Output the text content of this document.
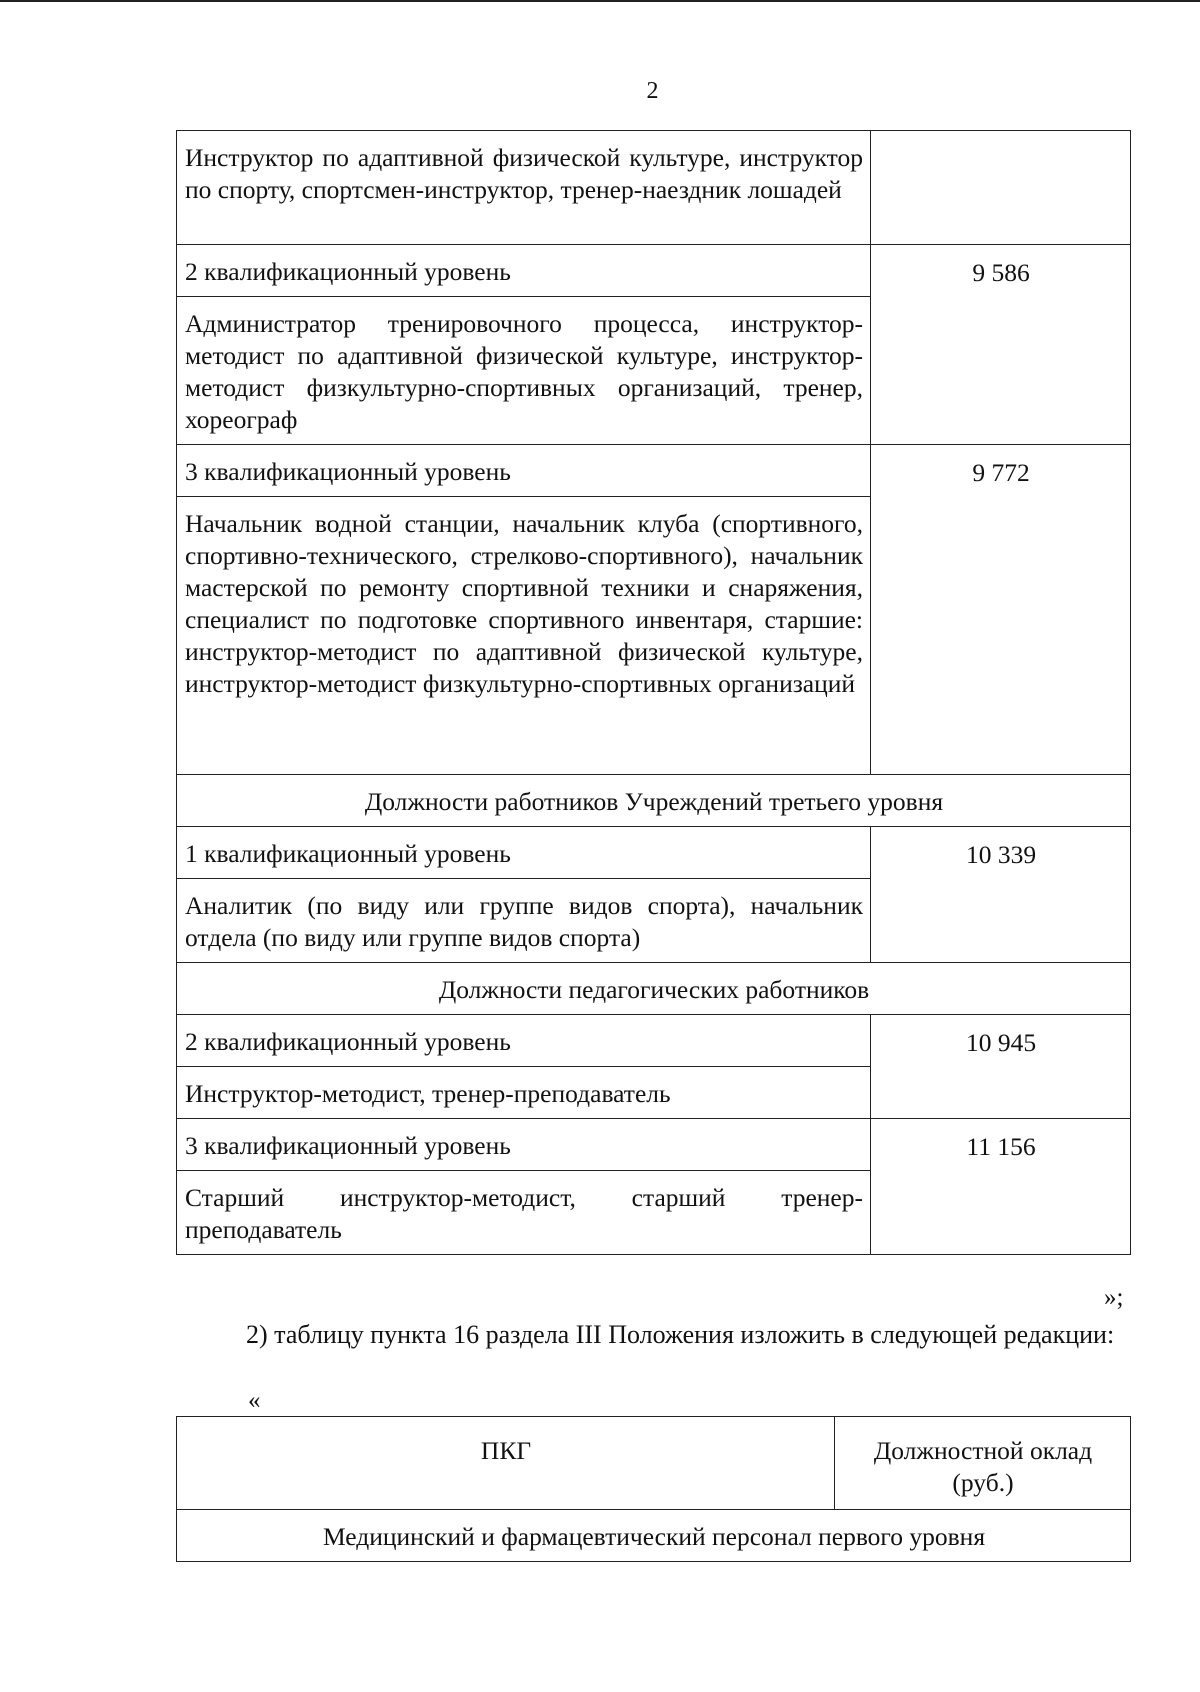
2
Инструктор по адаптивной физической культуре, инструктор по спорту, спортсмен-инструктор, тренер-наездник лошадей	
2 квалификационный уровень	9 586
Администратор тренировочного процесса, инструктор-методист по адаптивной физической культуре, инструктор-методист физкультурно-спортивных организаций, тренер, хореограф	
3 квалификационный уровень	9 772
Начальник водной станции, начальник клуба (спортивного, спортивно-технического, стрелково-спортивного), начальник мастерской по ремонту спортивной техники и снаряжения, специалист по подготовке спортивного инвентаря, старшие: инструктор-методист по адаптивной физической культуре, инструктор-методист физкультурно-спортивных организаций	
Должности работников Учреждений третьего уровня	
1 квалификационный уровень	10 339
Аналитик (по виду или группе видов спорта), начальник отдела (по виду или группе видов спорта)	
Должности педагогических работников	
2 квалификационный уровень	10 945
Инструктор-методист, тренер-преподаватель	
3 квалификационный уровень	11 156
Старший инструктор-методист, старший тренер-преподаватель	
»;
2) таблицу пункта 16 раздела III Положения изложить в следующей редакции:
«
ПКГ	Должностной оклад (руб.)
Медицинский и фармацевтический персонал первого уровня
